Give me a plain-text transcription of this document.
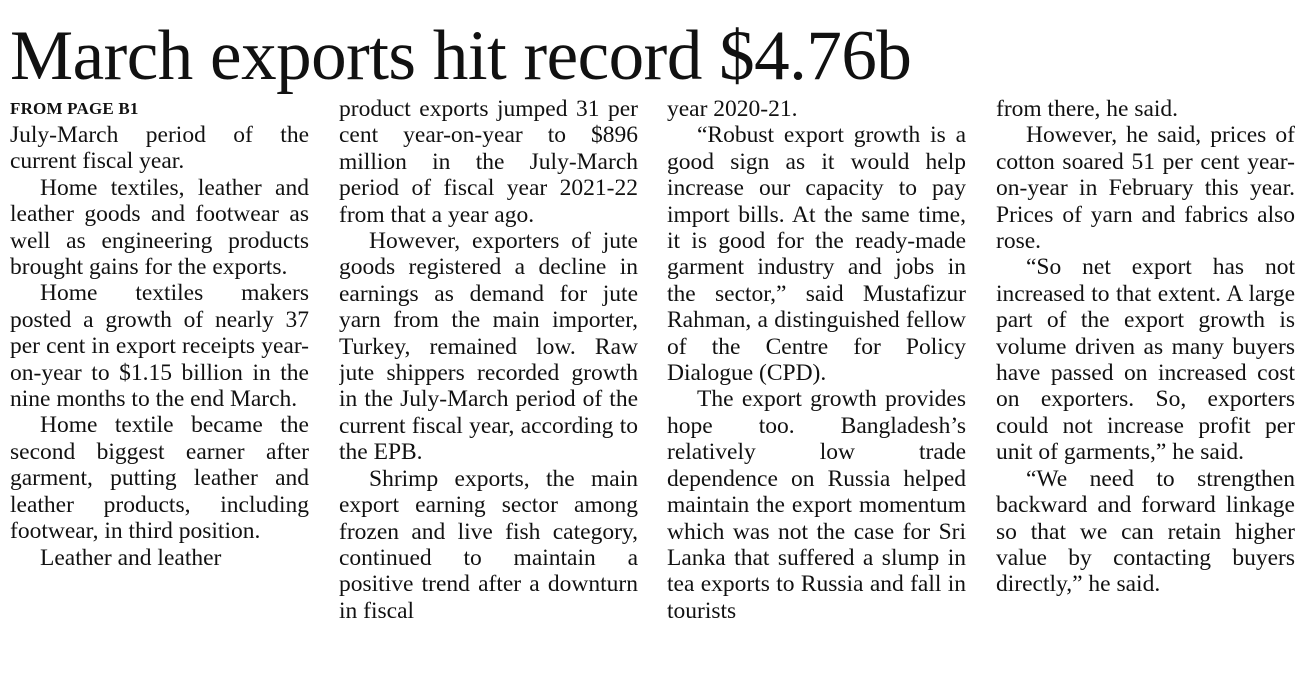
March exports hit record $4.76b
FROM PAGE B1

July-March period of the current fiscal year.

Home textiles, leather and leather goods and footwear as well as engineering products brought gains for the exports.

Home textiles makers posted a growth of nearly 37 per cent in export receipts year-on-year to $1.15 billion in the nine months to the end March.

Home textile became the second biggest earner after garment, putting leather and leather products, including footwear, in third position.

Leather and leather

product exports jumped 31 per cent year-on-year to $896 million in the July-March period of fiscal year 2021-22 from that a year ago.

However, exporters of jute goods registered a decline in earnings as demand for jute yarn from the main importer, Turkey, remained low. Raw jute shippers recorded growth in the July-March period of the current fiscal year, according to the EPB.

Shrimp exports, the main export earning sector among frozen and live fish category, continued to maintain a positive trend after a downturn in fiscal

year 2020-21.

“Robust export growth is a good sign as it would help increase our capacity to pay import bills. At the same time, it is good for the ready-made garment industry and jobs in the sector,” said Mustafizur Rahman, a distinguished fellow of the Centre for Policy Dialogue (CPD).

The export growth provides hope too. Bangladesh’s relatively low trade dependence on Russia helped maintain the export momentum which was not the case for Sri Lanka that suffered a slump in tea exports to Russia and fall in tourists

from there, he said.

However, he said, prices of cotton soared 51 per cent year-on-year in February this year. Prices of yarn and fabrics also rose.

“So net export has not increased to that extent. A large part of the export growth is volume driven as many buyers have passed on increased cost on exporters. So, exporters could not increase profit per unit of garments,” he said.

“We need to strengthen backward and forward linkage so that we can retain higher value by contacting buyers directly,” he said.
